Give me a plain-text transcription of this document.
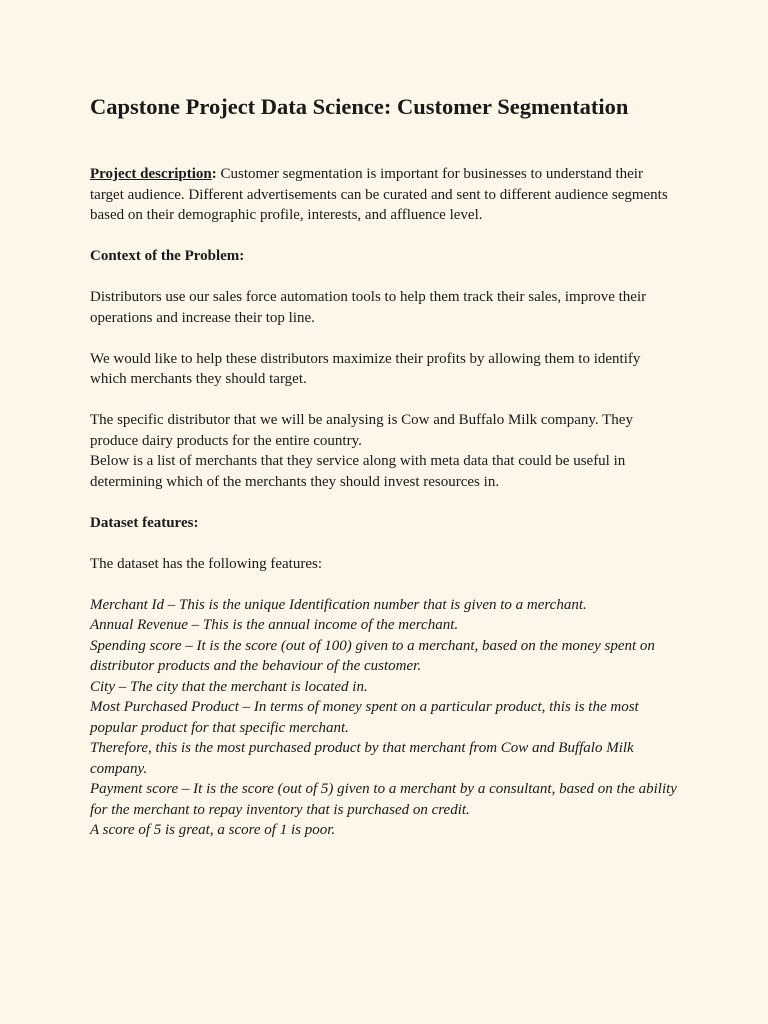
Capstone Project Data Science: Customer Segmentation

Project description: Customer segmentation is important for businesses to understand their target audience. Different advertisements can be curated and sent to different audience segments based on their demographic profile, interests, and affluence level.

Context of the Problem:

Distributors use our sales force automation tools to help them track their sales, improve their operations and increase their top line.

We would like to help these distributors maximize their profits by allowing them to identify which merchants they should target.

The specific distributor that we will be analysing is Cow and Buffalo Milk company. They produce dairy products for the entire country.
Below is a list of merchants that they service along with meta data that could be useful in determining which of the merchants they should invest resources in.

Dataset features:

The dataset has the following features:

Merchant Id – This is the unique Identification number that is given to a merchant.
Annual Revenue – This is the annual income of the merchant.
Spending score – It is the score (out of 100) given to a merchant, based on the money spent on distributor products and the behaviour of the customer.
City – The city that the merchant is located in.
Most Purchased Product – In terms of money spent on a particular product, this is the most popular product for that specific merchant.
Therefore, this is the most purchased product by that merchant from Cow and Buffalo Milk company.
Payment score – It is the score (out of 5) given to a merchant by a consultant, based on the ability for the merchant to repay inventory that is purchased on credit.
A score of 5 is great, a score of 1 is poor.
